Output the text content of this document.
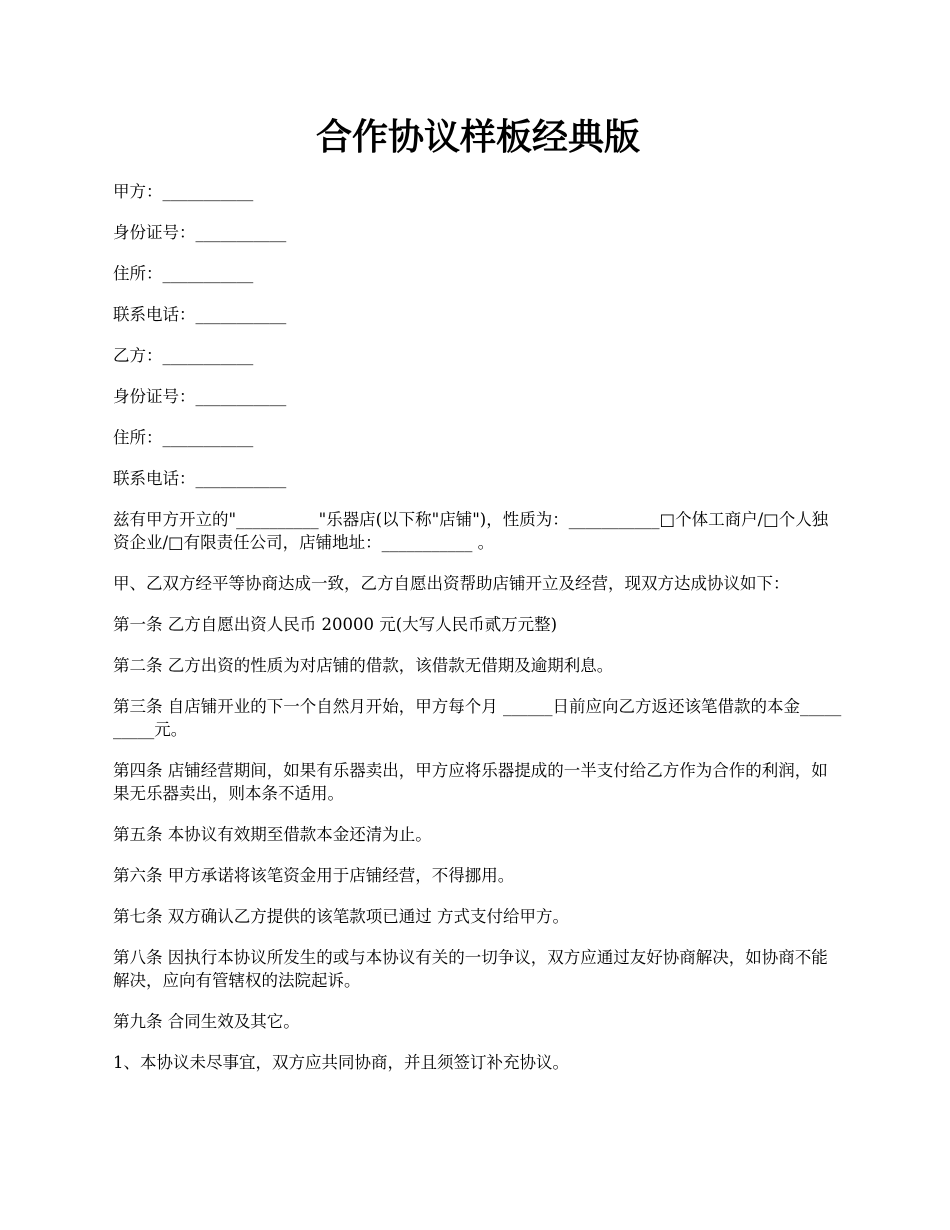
合作协议样板经典版

甲方：___________

身份证号：___________

住所：___________

联系电话：___________

乙方：___________

身份证号：___________

住所：___________

联系电话：___________

兹有甲方开立的"__________"乐器店(以下称"店铺")，性质为：___________□个体工商户/□个人独资企业/□有限责任公司，店铺地址：___________ 。

甲、乙双方经平等协商达成一致，乙方自愿出资帮助店铺开立及经营，现双方达成协议如下：

第一条 乙方自愿出资人民币 20000 元(大写人民币贰万元整)

第二条 乙方出资的性质为对店铺的借款，该借款无借期及逾期利息。

第三条 自店铺开业的下一个自然月开始，甲方每个月 ______日前应向乙方返还该笔借款的本金__________元。

第四条 店铺经营期间，如果有乐器卖出，甲方应将乐器提成的一半支付给乙方作为合作的利润，如果无乐器卖出，则本条不适用。

第五条 本协议有效期至借款本金还清为止。

第六条 甲方承诺将该笔资金用于店铺经营，不得挪用。

第七条 双方确认乙方提供的该笔款项已通过 方式支付给甲方。

第八条 因执行本协议所发生的或与本协议有关的一切争议，双方应通过友好协商解决，如协商不能解决，应向有管辖权的法院起诉。

第九条 合同生效及其它。

1、本协议未尽事宜，双方应共同协商，并且须签订补充协议。
